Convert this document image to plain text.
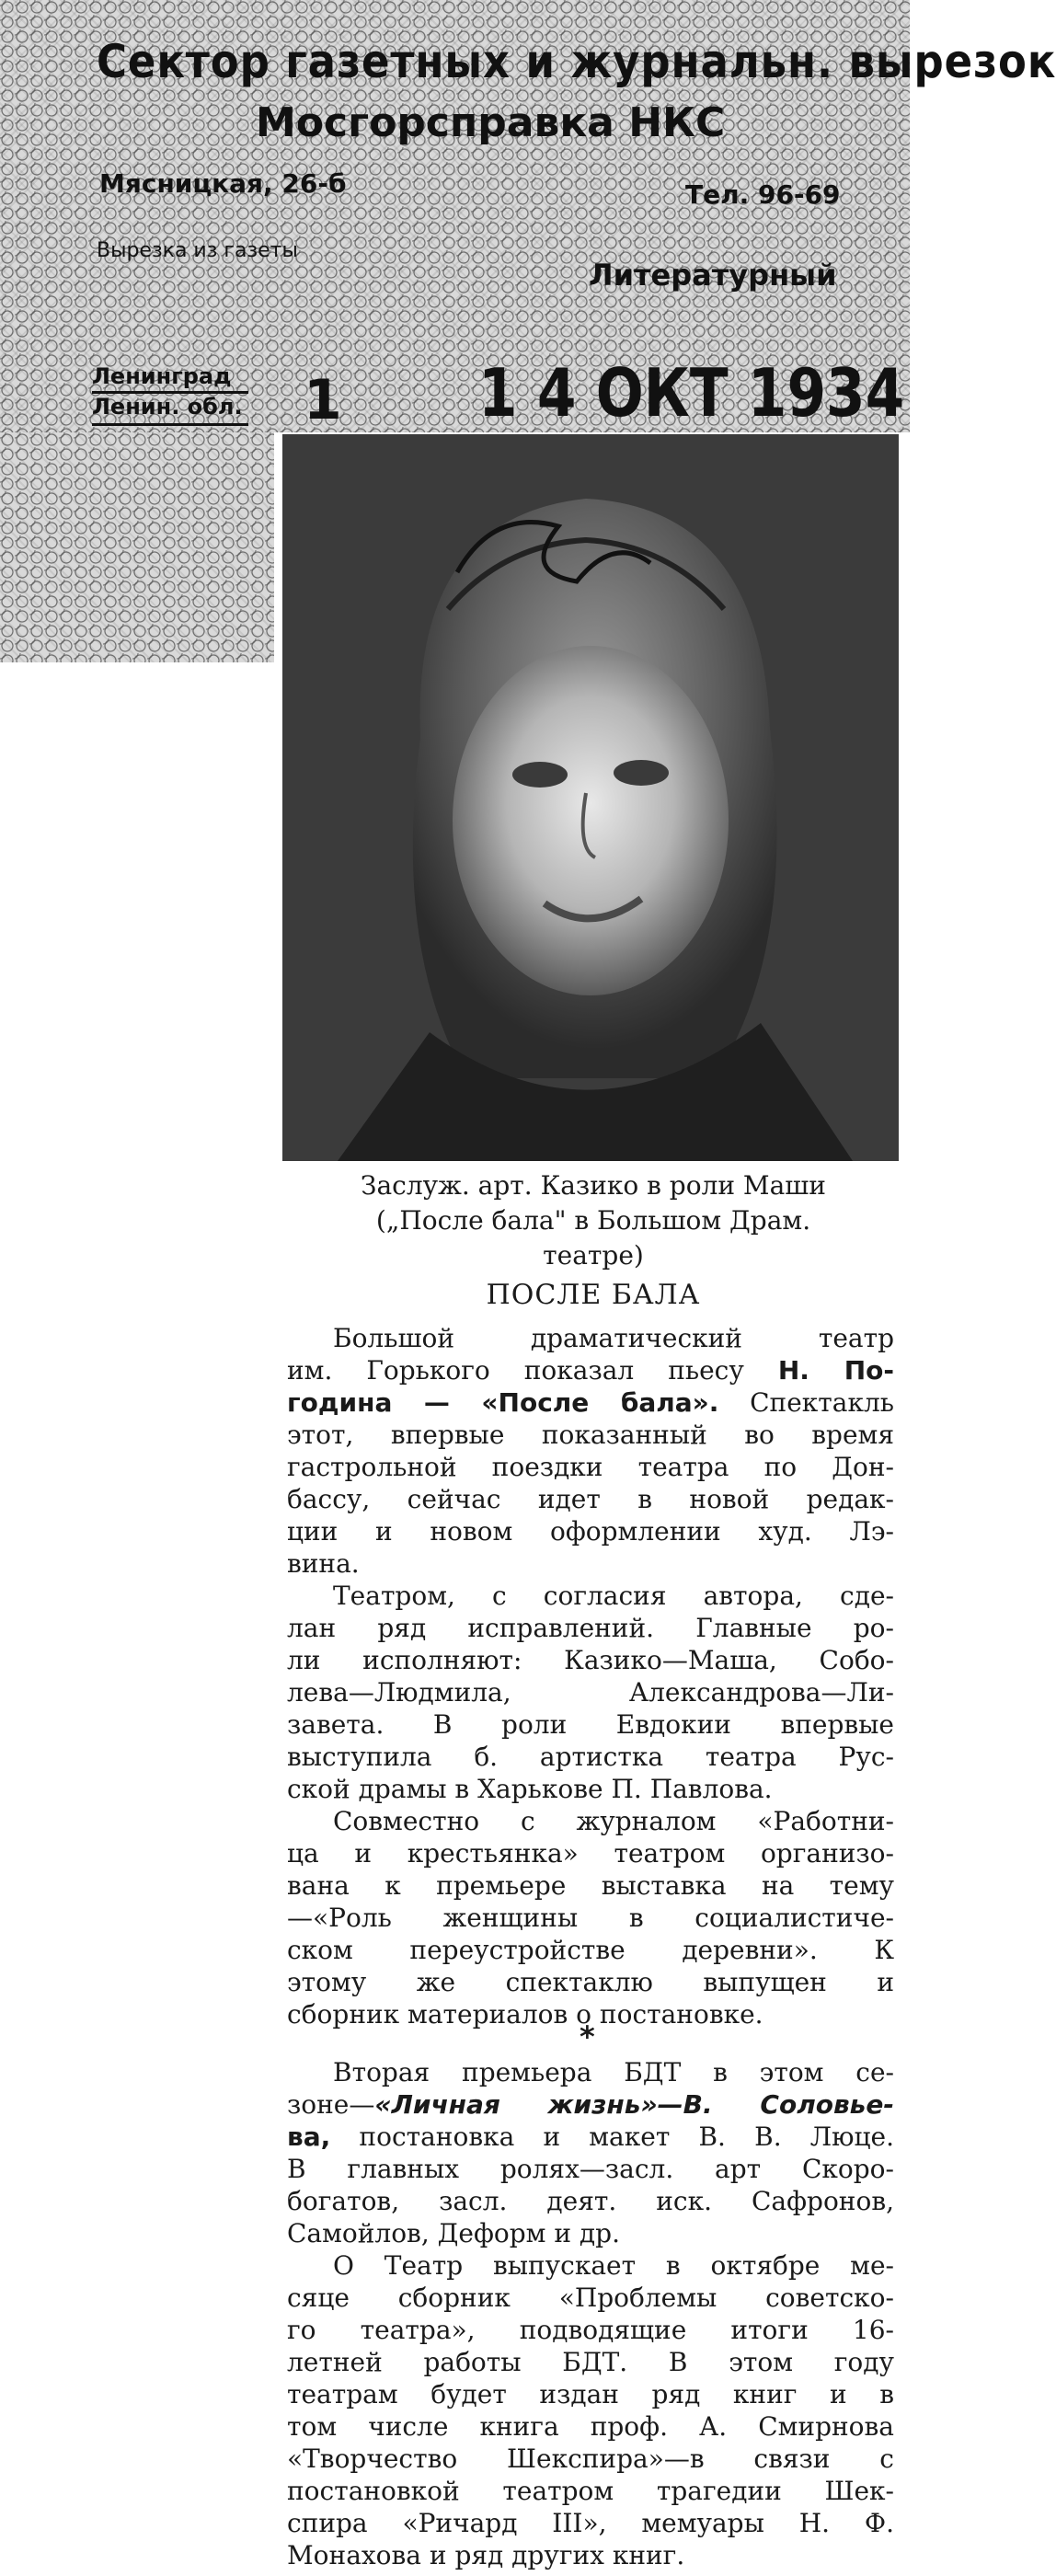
Сектор газетных и журнальн. вырезок
Мосгорсправка НКС
Мясницкая, 26-б	Тел. 96-69
Вырезка из газеты
Литературный
Ленинград
Ленин. обл. 1 1 4 ОКТ 1934
Заслуж. арт. Казико в роли Маши
(„После бала" в Большом Драм.
театре)
ПОСЛЕ БАЛА
Большой драматический театр
им. Горького показал пьесу Н. По-
година — «После бала». Спектакль
этот, впервые показанный во время
гастрольной поездки театра по Дон-
бассу, сейчас идет в новой редак-
ции и новом оформлении худ. Лэ-
вина.
Театром, с согласия автора, сде-
лан ряд исправлений. Главные ро-
ли исполняют: Казико—Маша, Собо-
лева—Людмила, Александрова—Ли-
завета. В роли Евдокии впервые
выступила б. артистка театра Рус-
ской драмы в Харькове П. Павлова.
Совместно с журналом «Работни-
ца и крестьянка» театром организо-
вана к премьере выставка на тему
—«Роль женщины в социалистиче-
ском переустройстве деревни». К
этому же спектаклю выпущен и
сборник материалов о постановке.
*
Вторая премьера БДТ в этом се-
зоне—«Личная жизнь»—В. Соловье-
ва, постановка и макет В. В. Люце.
В главных ролях—засл. арт Скоро-
богатов, засл. деят. иск. Сафронов,
Самойлов, Деформ и др.
О Театр выпускает в октябре ме-
сяце сборник «Проблемы советско-
го театра», подводящие итоги 16-
летней работы БДТ. В этом году
театрам будет издан ряд книг и в
том числе книга проф. А. Смирнова
«Творчество Шекспира»—в связи с
постановкой театром трагедии Шек-
спира «Ричард III», мемуары Н. Ф.
Монахова и ряд других книг.
